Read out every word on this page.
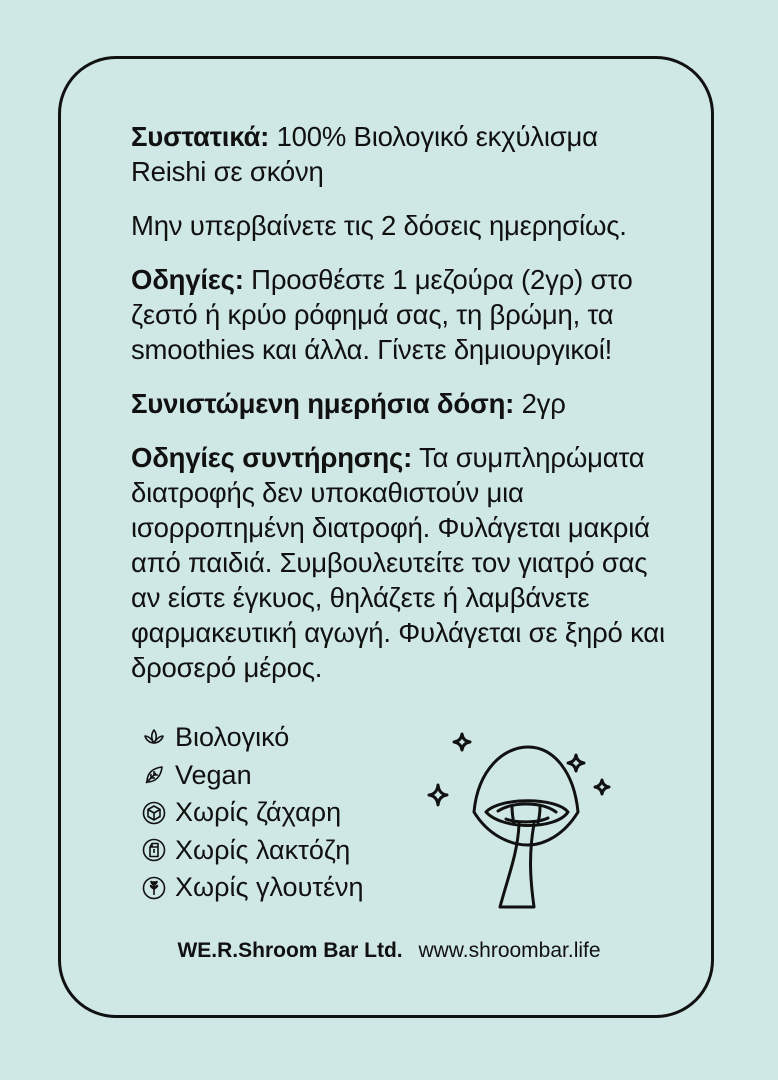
Συστατικά: 100% Βιολογικό εκχύλισμα Reishi σε σκόνη

Μην υπερβαίνετε τις 2 δόσεις ημερησίως.

Οδηγίες: Προσθέστε 1 μεζούρα (2γρ) στο ζεστό ή κρύο ρόφημά σας, τη βρώμη, τα smoothies και άλλα. Γίνετε δημιουργικοί!

Συνιστώμενη ημερήσια δόση: 2γρ

Οδηγίες συντήρησης: Τα συμπληρώματα διατροφής δεν υποκαθιστούν μια ισορροπημένη διατροφή. Φυλάγεται μακριά από παιδιά. Συμβουλευτείτε τον γιατρό σας αν είστε έγκυος, θηλάζετε ή λαμβάνετε φαρμακευτική αγωγή. Φυλάγεται σε ξηρό και δροσερό μέρος.

Βιολογικό
Vegan
Χωρίς ζάχαρη
Χωρίς λακτόζη
Χωρίς γλουτένη
WE.R.Shroom Bar Ltd. www.shroombar.life
